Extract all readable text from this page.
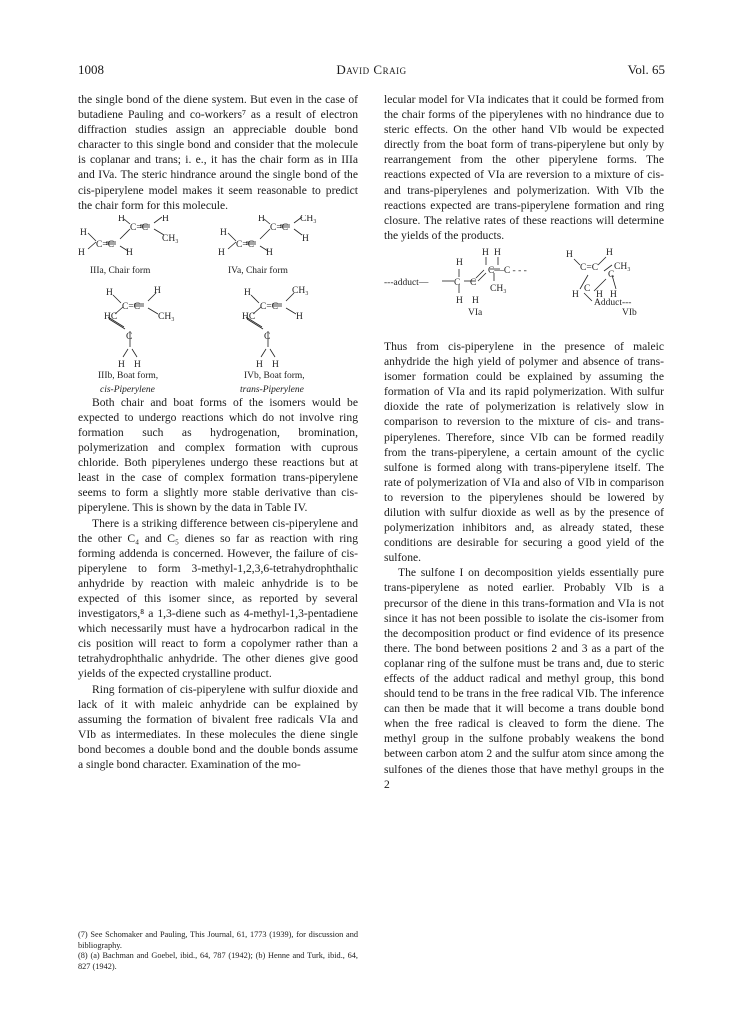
1008	David Craig	Vol. 65

the single bond of the diene system. But even in the case of butadiene Pauling and co-workers⁷ as a result of electron diffraction studies assign an appreciable double bond character to this single bond and consider that the molecule is coplanar and trans; i. e., it has the chair form as in IIIa and IVa. The steric hindrance around the single bond of the cis-piperylene model makes it seem reasonable to predict the chair form for this molecule.

H
H
C=C
H
H
C=C
H
CH₃
H
H
C=C
H
H
C=C
CH₃
H
H
HC
C=C
H
CH₃
C
H H
H
HC
C=C
CH₃
H
C
H H
IIIa, Chair form	IVa, Chair form
IIIb, Boat form,	IVb, Boat form,
cis-Piperylene	trans-Piperylene

Both chair and boat forms of the isomers would be expected to undergo reactions which do not involve ring formation such as hydrogenation, bromination, polymerization and complex formation with cuprous chloride. Both piperylenes undergo these reactions but at least in the case of complex formation trans-piperylene seems to form a slightly more stable derivative than cis-piperylene. This is shown by the data in Table IV.

There is a striking difference between cis-piperylene and the other C₄ and C₅ dienes so far as reaction with ring forming addenda is concerned. However, the failure of cis-piperylene to form 3-methyl-1,2,3,6-tetrahydrophthalic anhydride by reaction with maleic anhydride is to be expected of this isomer since, as reported by several investigators,⁸ a 1,3-diene such as 4-methyl-1,3-pentadiene which necessarily must have a hydrocarbon radical in the cis position will react to form a copolymer rather than a tetrahydrophthalic anhydride. The other dienes give good yields of the expected crystalline product.

Ring formation of cis-piperylene with sulfur dioxide and lack of it with maleic anhydride can be explained by assuming the formation of bivalent free radicals VIa and VIb as intermediates. In these molecules the diene single bond becomes a double bond and the double bonds assume a single bond character. Examination of the mo-

(7) See Schomaker and Pauling, This Journal, 61, 1773 (1939), for discussion and bibliography.

(8) (a) Bachman and Goebel, ibid., 64, 787 (1942); (b) Henne and Turk, ibid., 64, 827 (1942).

lecular model for VIa indicates that it could be formed from the chair forms of the piperylenes with no hindrance due to steric effects. On the other hand VIb would be expected directly from the boat form of trans-piperylene but only by rearrangement from the other piperylene forms. The reactions expected of VIa are reversion to a mixture of cis- and trans-piperylenes and polymerization. With VIb the reactions expected are trans-piperylene formation and ring closure. The relative rates of these reactions will determine the yields of the products.

H
C
H
C
H
C—C - - -
H H
CH₃
VIa
H
C=C
H
CH₃
C
H
C
H H
VIb
---adduct—
Adduct---

Thus from cis-piperylene in the presence of maleic anhydride the high yield of polymer and absence of trans-isomer formation could be explained by assuming the formation of VIa and its rapid polymerization. With sulfur dioxide the rate of polymerization is relatively slow in comparison to reversion to the mixture of cis- and trans-piperylenes. Therefore, since VIb can be formed readily from the trans-piperylene, a certain amount of the cyclic sulfone is formed along with trans-piperylene itself. The rate of polymerization of VIa and also of VIb in comparison to reversion to the piperylenes should be lowered by dilution with sulfur dioxide as well as by the presence of polymerization inhibitors and, as already stated, these conditions are desirable for securing a good yield of the sulfone.

The sulfone I on decomposition yields essentially pure trans-piperylene as noted earlier. Probably VIb is a precursor of the diene in this trans-formation and VIa is not since it has not been possible to isolate the cis-isomer from the decomposition product or find evidence of its presence there. The bond between positions 2 and 3 as a part of the coplanar ring of the sulfone must be trans and, due to steric effects of the adduct radical and methyl group, this bond should tend to be trans in the free radical VIb. The inference can then be made that it will become a trans double bond when the free radical is cleaved to form the diene. The methyl group in the sulfone probably weakens the bond between carbon atom 2 and the sulfur atom since among the sulfones of the dienes those that have methyl groups in the 2
